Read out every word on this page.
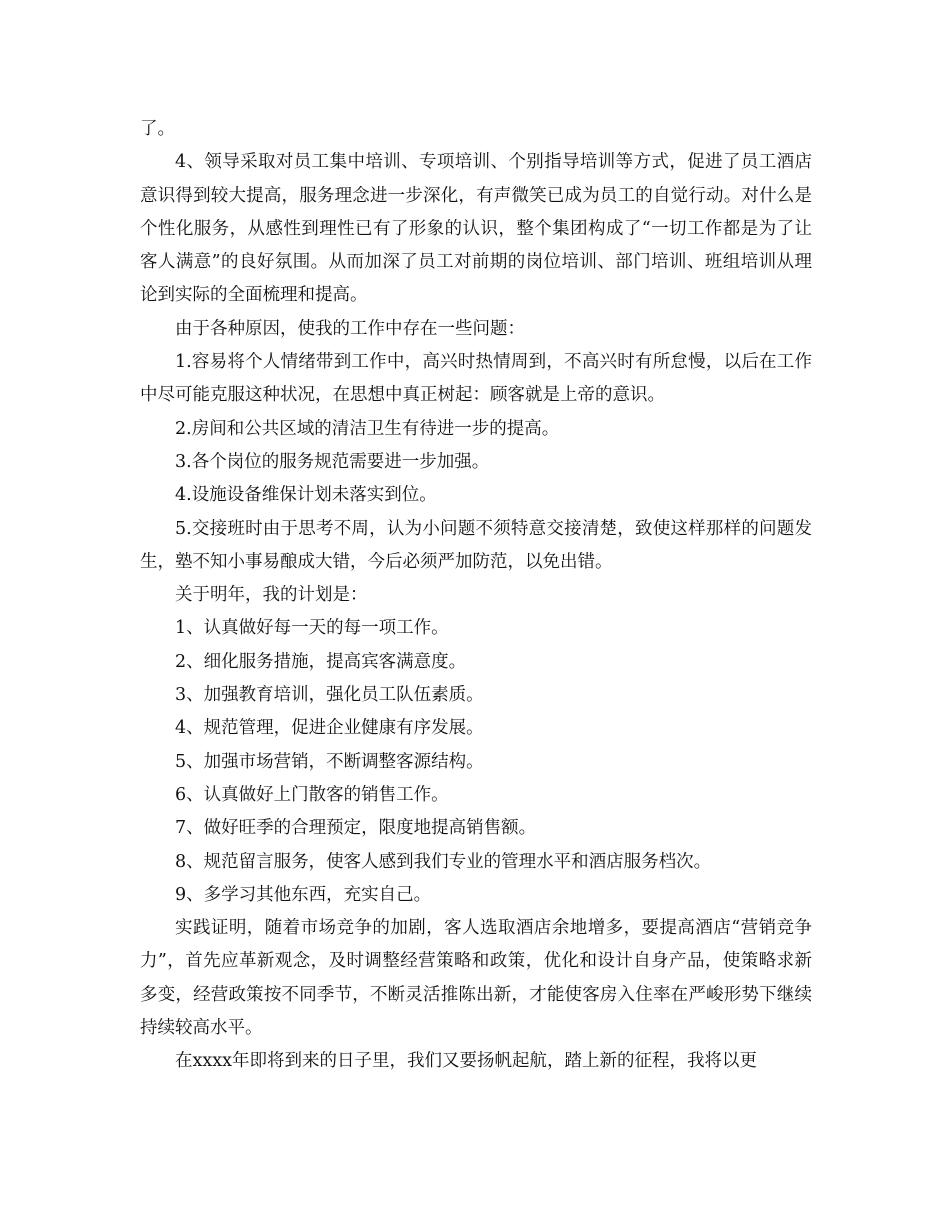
了。

4、领导采取对员工集中培训、专项培训、个别指导培训等方式，促进了员工酒店意识得到较大提高，服务理念进一步深化，有声微笑已成为员工的自觉行动。对什么是个性化服务，从感性到理性已有了形象的认识，整个集团构成了“一切工作都是为了让客人满意”的良好氛围。从而加深了员工对前期的岗位培训、部门培训、班组培训从理论到实际的全面梳理和提高。

由于各种原因，使我的工作中存在一些问题：

1.容易将个人情绪带到工作中，高兴时热情周到，不高兴时有所怠慢，以后在工作中尽可能克服这种状况，在思想中真正树起：顾客就是上帝的意识。

2.房间和公共区域的清洁卫生有待进一步的提高。

3.各个岗位的服务规范需要进一步加强。

4.设施设备维保计划未落实到位。

5.交接班时由于思考不周，认为小问题不须特意交接清楚，致使这样那样的问题发生，塾不知小事易酿成大错，今后必须严加防范，以免出错。

关于明年，我的计划是：

1、认真做好每一天的每一项工作。

2、细化服务措施，提高宾客满意度。

3、加强教育培训，强化员工队伍素质。

4、规范管理，促进企业健康有序发展。

5、加强市场营销，不断调整客源结构。

6、认真做好上门散客的销售工作。

7、做好旺季的合理预定，限度地提高销售额。

8、规范留言服务，使客人感到我们专业的管理水平和酒店服务档次。

9、多学习其他东西，充实自己。

实践证明，随着市场竞争的加剧，客人选取酒店余地增多，要提高酒店“营销竞争力”，首先应革新观念，及时调整经营策略和政策，优化和设计自身产品，使策略求新多变，经营政策按不同季节，不断灵活推陈出新，才能使客房入住率在严峻形势下继续持续较高水平。

在xxxx年即将到来的日子里，我们又要扬帆起航，踏上新的征程，我将以更
